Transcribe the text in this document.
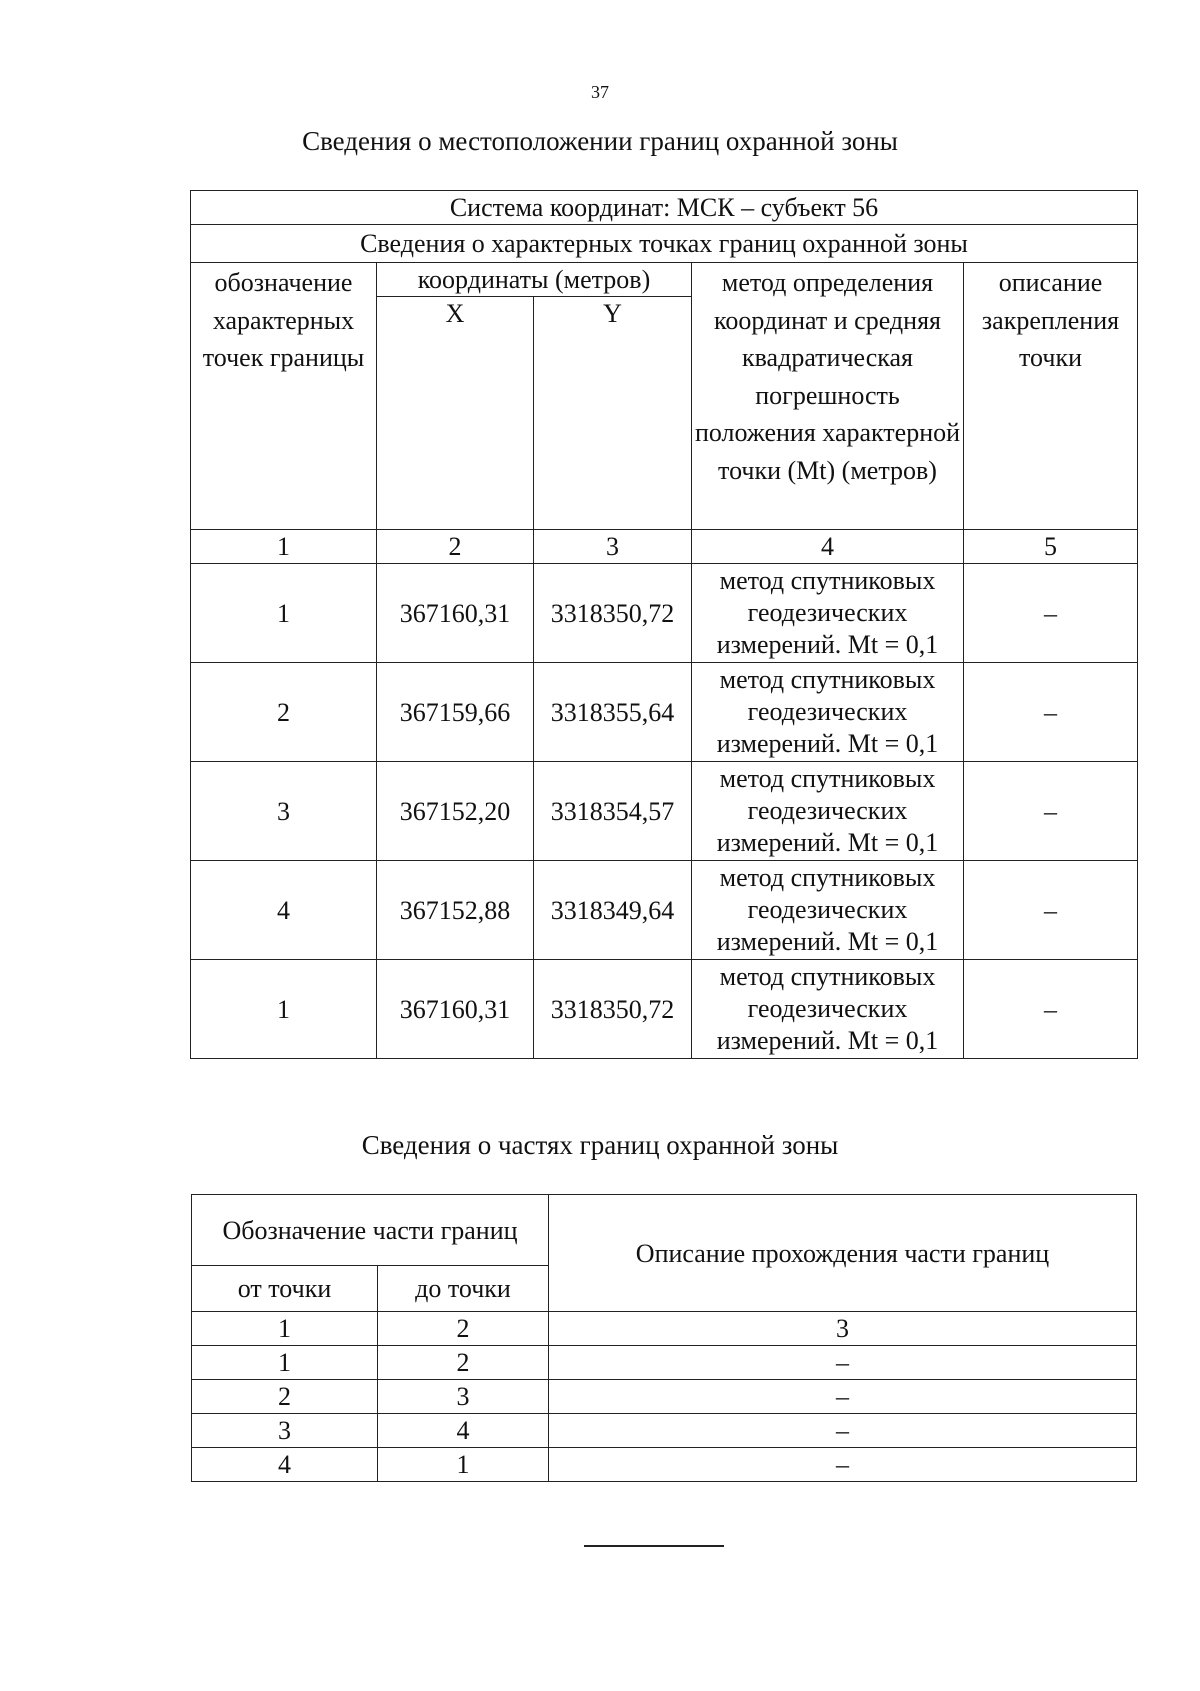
37
Сведения о местоположении границ охранной зоны
Система координат: МСК – субъект 56				
Сведения о характерных точках границ охранной зоны				
обозначение характерных точек границы	координаты (метров)		метод определения координат и средняя квадратическая погрешность положения характерной точки (Mt) (метров)	описание закрепления точки
	X	Y		
1	2	3	4	5
1	367160,31	3318350,72	метод спутниковых геодезических измерений. Mt = 0,1	–
2	367159,66	3318355,64	метод спутниковых геодезических измерений. Mt = 0,1	–
3	367152,20	3318354,57	метод спутниковых геодезических измерений. Mt = 0,1	–
4	367152,88	3318349,64	метод спутниковых геодезических измерений. Mt = 0,1	–
1	367160,31	3318350,72	метод спутниковых геодезических измерений. Mt = 0,1	–
Сведения о частях границ охранной зоны
Обозначение части границ		Описание прохождения части границ
от точки	до точки	
1	2	3
1	2	–
2	3	–
3	4	–
4	1	–
